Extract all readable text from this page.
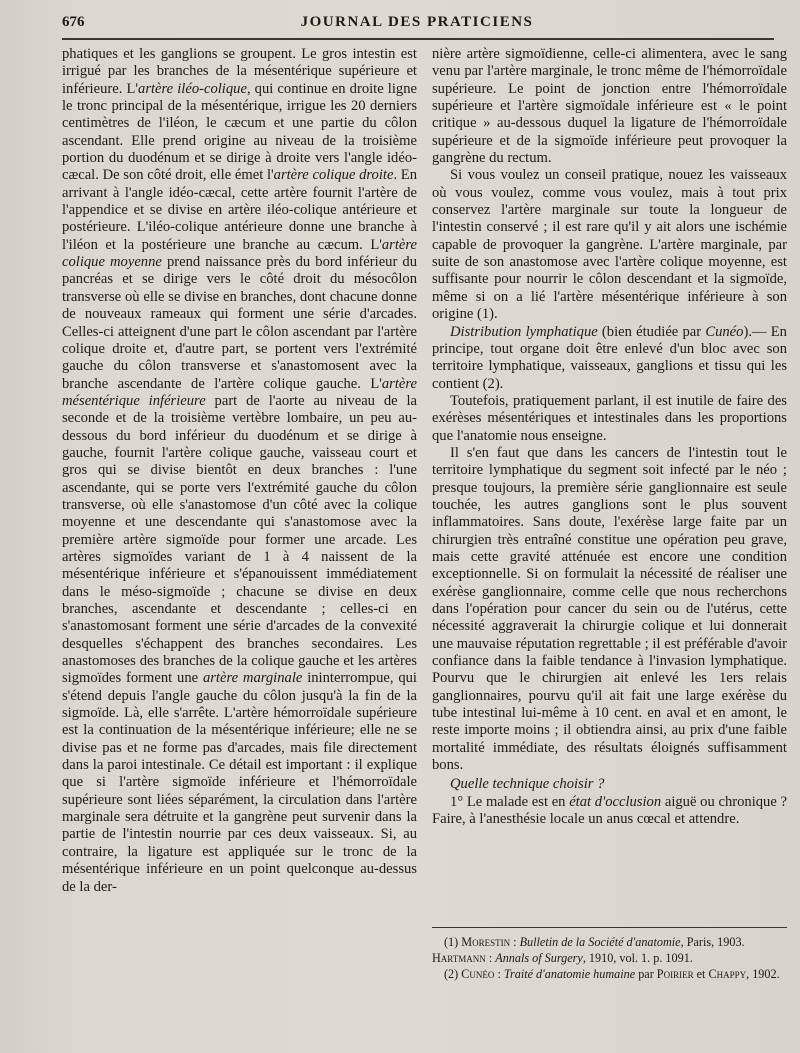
676	JOURNAL DES PRATICIENS

phatiques et les ganglions se groupent. Le gros intestin est irrigué par les branches de la mésentérique supérieure et inférieure. L'artère iléo-colique, qui continue en droite ligne le tronc principal de la mésentérique, irrigue les 20 derniers centimètres de l'iléon, le cæcum et une partie du côlon ascendant. Elle prend origine au niveau de la troisième portion du duodénum et se dirige à droite vers l'angle idéo-cæcal. De son côté droit, elle émet l'artère colique droite. En arrivant à l'angle idéo-cæcal, cette artère fournit l'artère de l'appendice et se divise en artère iléo-colique antérieure et postérieure. L'iléo-colique antérieure donne une branche à l'iléon et la postérieure une branche au cæcum. L'artère colique moyenne prend naissance près du bord inférieur du pancréas et se dirige vers le côté droit du mésocôlon transverse où elle se divise en branches, dont chacune donne de nouveaux rameaux qui forment une série d'arcades. Celles-ci atteignent d'une part le côlon ascendant par l'artère colique droite et, d'autre part, se portent vers l'extrémité gauche du côlon transverse et s'anastomosent avec la branche ascendante de l'artère colique gauche. L'artère mésentérique inférieure part de l'aorte au niveau de la seconde et de la troisième vertèbre lombaire, un peu au-dessous du bord inférieur du duodénum et se dirige à gauche, fournit l'artère colique gauche, vaisseau court et gros qui se divise bientôt en deux branches : l'une ascendante, qui se porte vers l'extrémité gauche du côlon transverse, où elle s'anastomose d'un côté avec la colique moyenne et une descendante qui s'anastomose avec la première artère sigmoïde pour former une arcade. Les artères sigmoïdes variant de 1 à 4 naissent de la mésentérique inférieure et s'épanouissent immédiatement dans le méso-sigmoïde ; chacune se divise en deux branches, ascendante et descendante ; celles-ci en s'anastomosant forment une série d'arcades de la convexité desquelles s'échappent des branches secondaires. Les anastomoses des branches de la colique gauche et les artères sigmoïdes forment une artère marginale ininterrompue, qui s'étend depuis l'angle gauche du côlon jusqu'à la fin de la sigmoïde. Là, elle s'arrête. L'artère hémorroïdale supérieure est la continuation de la mésentérique inférieure; elle ne se divise pas et ne forme pas d'arcades, mais file directement dans la paroi intestinale. Ce détail est important : il explique que si l'artère sigmoïde inférieure et l'hémorroïdale supérieure sont liées séparément, la circulation dans l'artère marginale sera détruite et la gangrène peut survenir dans la partie de l'intestin nourrie par ces deux vaisseaux. Si, au contraire, la ligature est appliquée sur le tronc de la mésentérique inférieure en un point quelconque au-dessus de la der-

nière artère sigmoïdienne, celle-ci alimentera, avec le sang venu par l'artère marginale, le tronc même de l'hémorroïdale supérieure. Le point de jonction entre l'hémorroïdale supérieure et l'artère sigmoïdale inférieure est « le point critique » au-dessous duquel la ligature de l'hémorroïdale supérieure et de la sigmoïde inférieure peut provoquer la gangrène du rectum.

Si vous voulez un conseil pratique, nouez les vaisseaux où vous voulez, comme vous voulez, mais à tout prix conservez l'artère marginale sur toute la longueur de l'intestin conservé ; il est rare qu'il y ait alors une ischémie capable de provoquer la gangrène. L'artère marginale, par suite de son anastomose avec l'artère colique moyenne, est suffisante pour nourrir le côlon descendant et la sigmoïde, même si on a lié l'artère mésentérique inférieure à son origine (1).

Distribution lymphatique (bien étudiée par Cunéo).— En principe, tout organe doit être enlevé d'un bloc avec son territoire lymphatique, vaisseaux, ganglions et tissu qui les contient (2).

Toutefois, pratiquement parlant, il est inutile de faire des exérèses mésentériques et intestinales dans les proportions que l'anatomie nous enseigne.

Il s'en faut que dans les cancers de l'intestin tout le territoire lymphatique du segment soit infecté par le néo ; presque toujours, la première série ganglionnaire est seule touchée, les autres ganglions sont le plus souvent inflammatoires. Sans doute, l'exérèse large faite par un chirurgien très entraîné constitue une opération peu grave, mais cette gravité atténuée est encore une condition exceptionnelle. Si on formulait la nécessité de réaliser une exérèse ganglionnaire, comme celle que nous recherchons dans l'opération pour cancer du sein ou de l'utérus, cette nécessité aggraverait la chirurgie colique et lui donnerait une mauvaise réputation regrettable ; il est préférable d'avoir confiance dans la faible tendance à l'invasion lymphatique. Pourvu que le chirurgien ait enlevé les 1ers relais ganglionnaires, pourvu qu'il ait fait une large exérèse du tube intestinal lui-même à 10 cent. en aval et en amont, le reste importe moins ; il obtiendra ainsi, au prix d'une faible mortalité immédiate, des résultats éloignés suffisamment bons.

Quelle technique choisir ?

1° Le malade est en état d'occlusion aiguë ou chronique ? Faire, à l'anesthésie locale un anus cœcal et attendre.

(1) Morestin : Bulletin de la Société d'anatomie, Paris, 1903.

Hartmann : Annals of Surgery, 1910, vol. 1. p. 1091.

(2) Cunéo : Traité d'anatomie humaine par Poirier et Chappy, 1902.
